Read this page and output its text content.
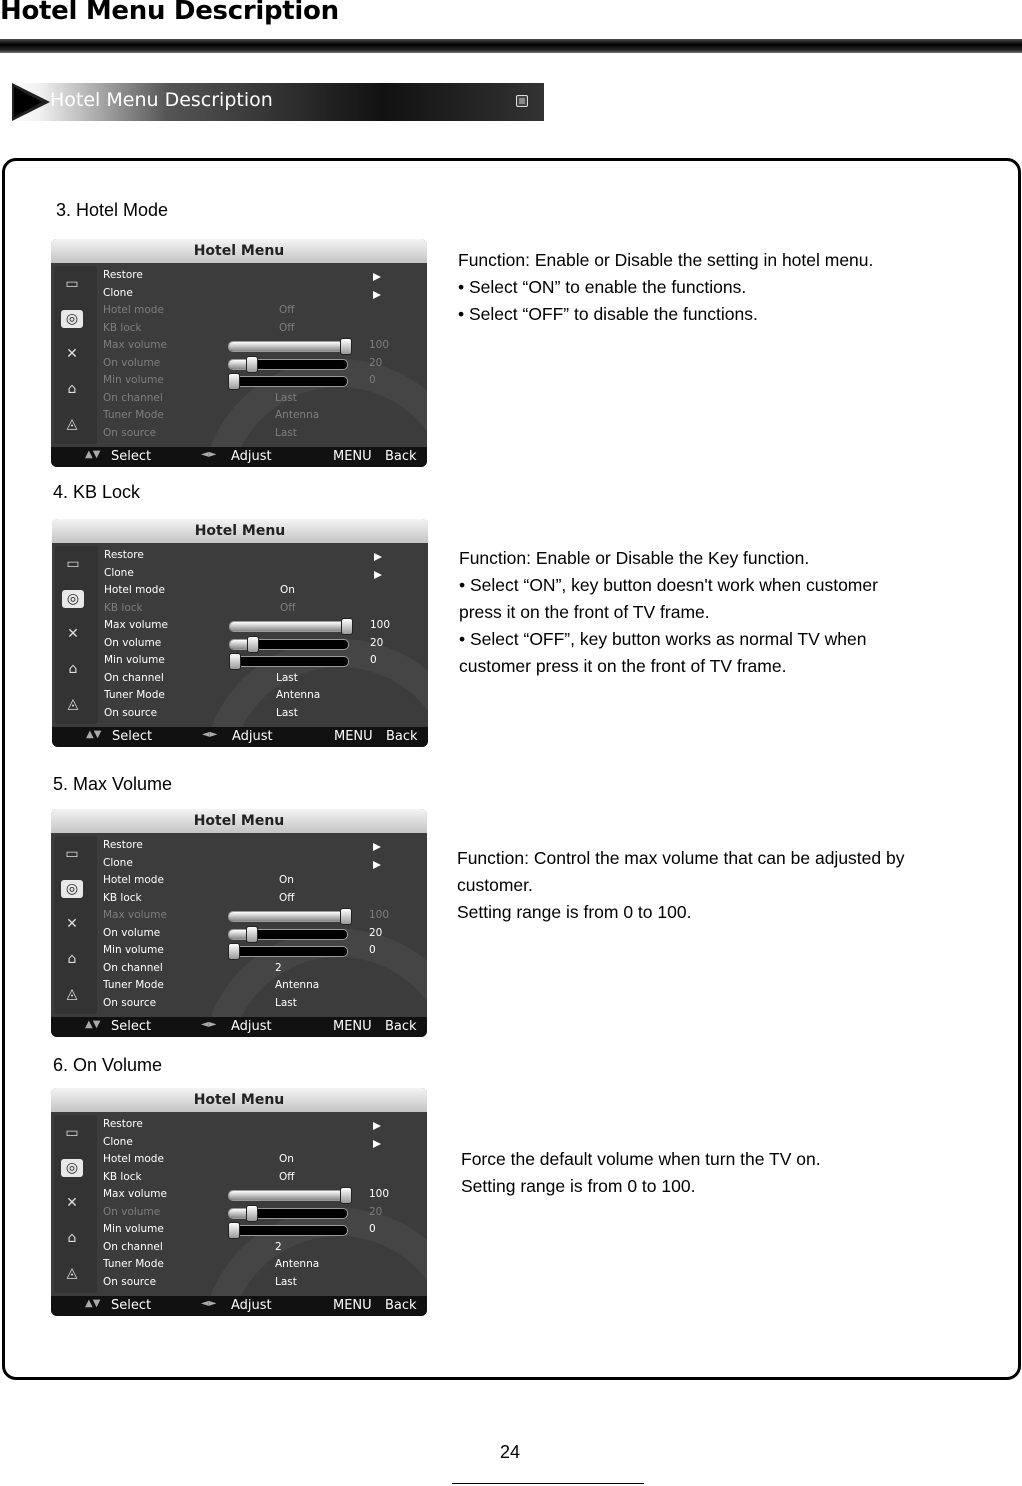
Hotel Menu Description
Hotel Menu Description
3. Hotel Mode

Function: Enable or Disable the setting in hotel menu.

• Select “ON” to enable the functions.

• Select “OFF” to disable the functions.

Hotel Menu
▭
◎
✕
⌂
◬
Restore
Clone
Hotel mode	Off
KB lock	Off
Max volume	100
On volume	20
Min volume	0
On channel	Last
Tuner Mode	Antenna
On source	Last
▲▼ Select	◄► Adjust	MENU Back
4. KB Lock

Function: Enable or Disable the Key function.

• Select “ON”, key button doesn't work when customer

press it on the front of TV frame.

• Select “OFF”, key button works as normal TV when

customer press it on the front of TV frame.

Hotel Menu
▭
◎
✕
⌂
◬
Restore
Clone
Hotel mode	On
KB lock	Off
Max volume	100
On volume	20
Min volume	0
On channel	Last
Tuner Mode	Antenna
On source	Last
▲▼ Select	◄► Adjust	MENU Back
5. Max Volume

Function: Control the max volume that can be adjusted by

customer.

Setting range is from 0 to 100.

Hotel Menu
▭
◎
✕
⌂
◬
Restore
Clone
Hotel mode	On
KB lock	Off
Max volume	100
On volume	20
Min volume	0
On channel	2
Tuner Mode	Antenna
On source	Last
▲▼ Select	◄► Adjust	MENU Back
6. On Volume

Force the default volume when turn the TV on.

Setting range is from 0 to 100.

Hotel Menu
▭
◎
✕
⌂
◬
Restore
Clone
Hotel mode	On
KB lock	Off
Max volume	100
On volume	20
Min volume	0
On channel	2
Tuner Mode	Antenna
On source	Last
▲▼ Select	◄► Adjust	MENU Back
24
